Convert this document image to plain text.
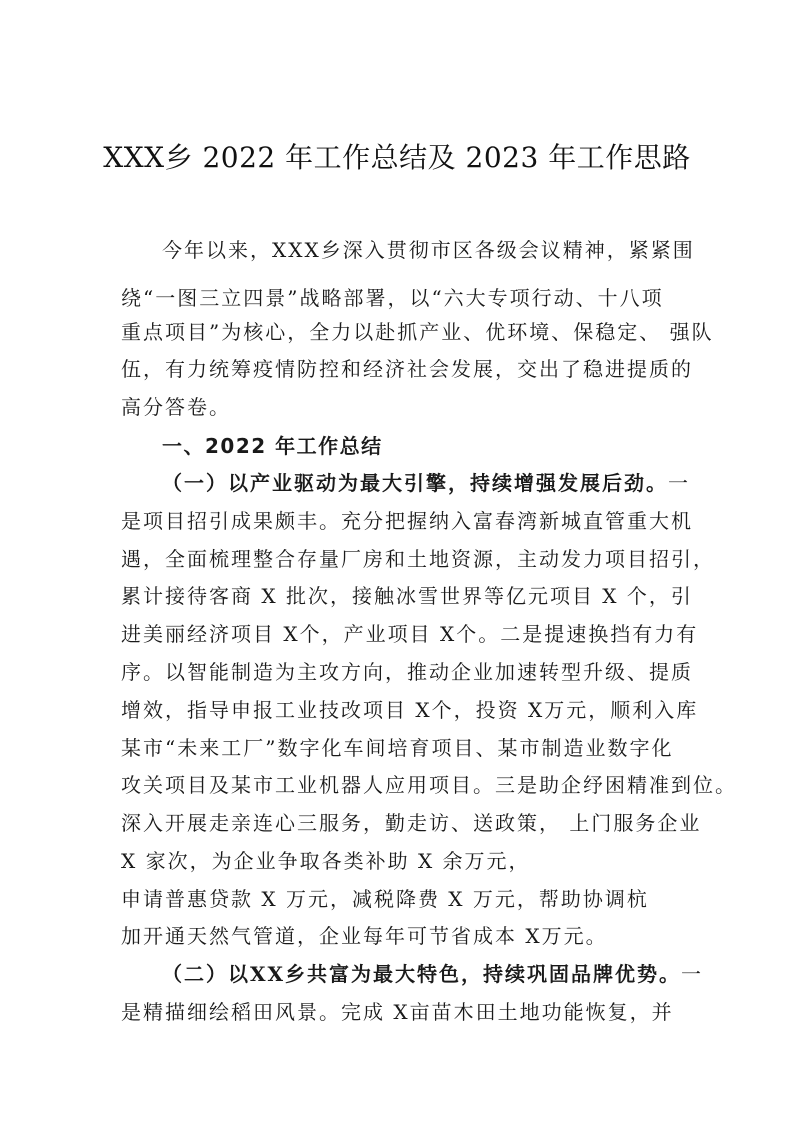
XXX乡 2022 年工作总结及 2023 年工作思路
今年以来，XXX乡深入贯彻市区各级会议精神，紧紧围
绕“一图三立四景”战略部署，以“六大专项行动、十八项
重点项目”为核心，全力以赴抓产业、优环境、保稳定、 强队
伍，有力统筹疫情防控和经济社会发展，交出了稳进提质的
高分答卷。
一、2022 年工作总结
（一）以产业驱动为最大引擎，持续增强发展后劲。一
是项目招引成果颇丰。充分把握纳入富春湾新城直管重大机
遇，全面梳理整合存量厂房和土地资源，主动发力项目招引，
累计接待客商 X 批次，接触冰雪世界等亿元项目 X 个，引
进美丽经济项目 X个，产业项目 X个。二是提速换挡有力有
序。以智能制造为主攻方向，推动企业加速转型升级、提质
增效，指导申报工业技改项目 X个，投资 X万元，顺利入库
某市“未来工厂”数字化车间培育项目、某市制造业数字化
攻关项目及某市工业机器人应用项目。三是助企纾困精准到位。
深入开展走亲连心三服务，勤走访、送政策， 上门服务企业
X 家次，为企业争取各类补助 X 余万元，
申请普惠贷款 X 万元，减税降费 X 万元，帮助协调杭
加开通天然气管道，企业每年可节省成本 X万元。
（二）以XX乡共富为最大特色，持续巩固品牌优势。一
是精描细绘稻田风景。完成 X亩苗木田土地功能恢复，并
